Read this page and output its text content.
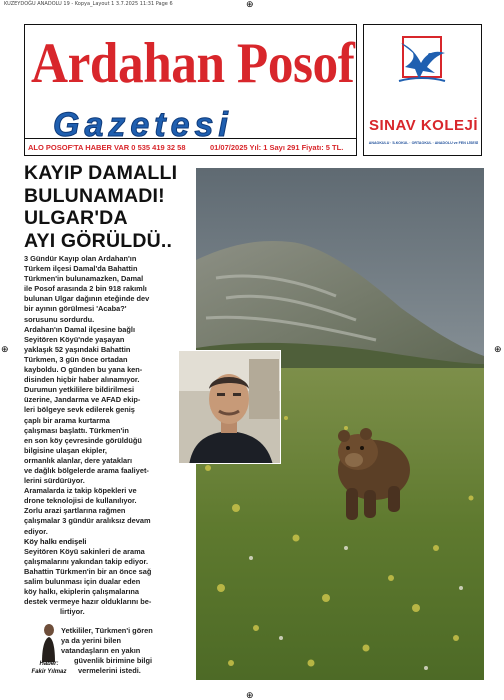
KUZEYDOĞU ANADOLU 19 - Kopya_Layout 1 3.7.2025 11:31 Page 6	⊕
⊕
⊕	⊕
Ardahan Posof
Gazetesi
ALO POSOF'TA HABER VAR 0 535 419 32 58	01/07/2025 Yıl: 1 Sayı 291 Fiyatı: 5 TL.
SINAV KOLEJİ
ANAOKULU · İLKOKUL · ORTAOKUL · ANADOLU ve FEN LİSESİ
KAYIP DAMALLI
BULUNAMADI!
ULGAR'DA
AYI GÖRÜLDÜ..
3 Gündür Kayıp olan Ardahan'ın
Türkem ilçesi Damal'da Bahattin
Türkmen'in bulunamazken, Damal
ile Posof arasında 2 bin 918 rakımlı
bulunan Ulgar dağının eteğinde dev
bir ayının görülmesi 'Acaba?'
sorusunu sordurdu.
Ardahan'ın Damal ilçesine bağlı
Seyitören Köyü'nde yaşayan
yaklaşık 52 yaşındaki Bahattin
Türkmen, 3 gün önce ortadan
kayboldu. O günden bu yana ken-
disinden hiçbir haber alınamıyor.
Durumun yetkililere bildirilmesi
üzerine, Jandarma ve AFAD ekip-
leri bölgeye sevk edilerek geniş
çaplı bir arama kurtarma
çalışması başlattı. Türkmen'in
en son köy çevresinde görüldüğü
bilgisine ulaşan ekipler,
ormanlık alanlar, dere yatakları
ve dağlık bölgelerde arama faaliyet-
lerini sürdürüyor.
Aramalarda iz takip köpekleri ve
drone teknolojisi de kullanılıyor.
Zorlu arazi şartlarına rağmen
çalışmalar 3 gündür aralıksız devam
ediyor.
Köy halkı endişeli
Seyitören Köyü sakinleri de arama
çalışmalarını yakından takip ediyor.
Bahattin Türkmen'in bir an önce sağ
salim bulunması için dualar eden
köy halkı, ekiplerin çalışmalarına
destek vermeye hazır olduklarını be-
lirtiyor.
Haber:
Fakir Yılmaz
Yetkililer, Türkmen'i gören
ya da yerini bilen
vatandaşların en yakın
güvenlik birimine bilgi
vermelerini istedi.
